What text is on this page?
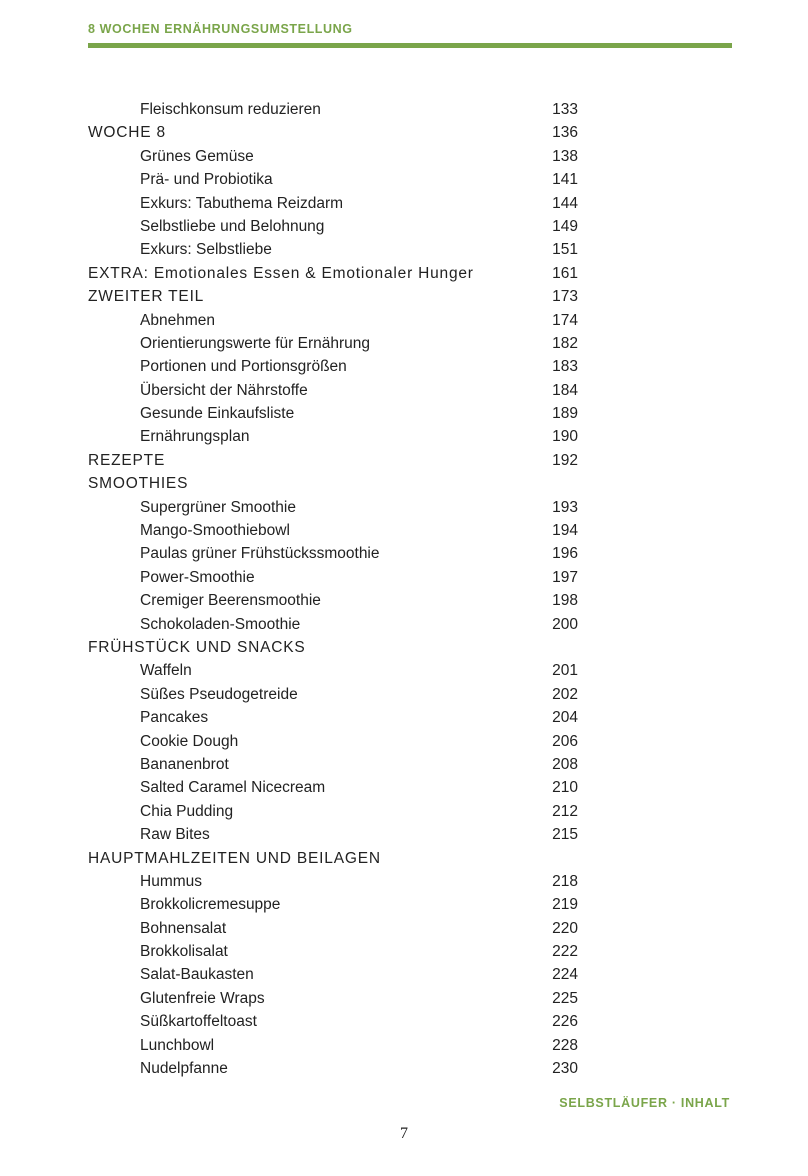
8 WOCHEN ERNÄHRUNGSUMSTELLUNG
Fleischkonsum reduzieren	133
WOCHE 8	136
Grünes Gemüse	138
Prä- und Probiotika	141
Exkurs: Tabuthema Reizdarm	144
Selbstliebe und Belohnung	149
Exkurs: Selbstliebe	151
EXTRA: Emotionales Essen & Emotionaler Hunger	161
ZWEITER TEIL	173
Abnehmen	174
Orientierungswerte für Ernährung	182
Portionen und Portionsgrößen	183
Übersicht der Nährstoffe	184
Gesunde Einkaufsliste	189
Ernährungsplan	190
REZEPTE	192
SMOOTHIES
Supergrüner Smoothie	193
Mango-Smoothiebowl	194
Paulas grüner Frühstückssmoothie	196
Power-Smoothie	197
Cremiger Beerensmoothie	198
Schokoladen-Smoothie	200
FRÜHSTÜCK UND SNACKS
Waffeln	201
Süßes Pseudogetreide	202
Pancakes	204
Cookie Dough	206
Bananenbrot	208
Salted Caramel Nicecream	210
Chia Pudding	212
Raw Bites	215
HAUPTMAHLZEITEN UND BEILAGEN
Hummus	218
Brokkolicremesuppe	219
Bohnensalat	220
Brokkolisalat	222
Salat-Baukasten	224
Glutenfreie Wraps	225
Süßkartoffeltoast	226
Lunchbowl	228
Nudelpfanne	230
SELBSTLÄUFER · INHALT
7
